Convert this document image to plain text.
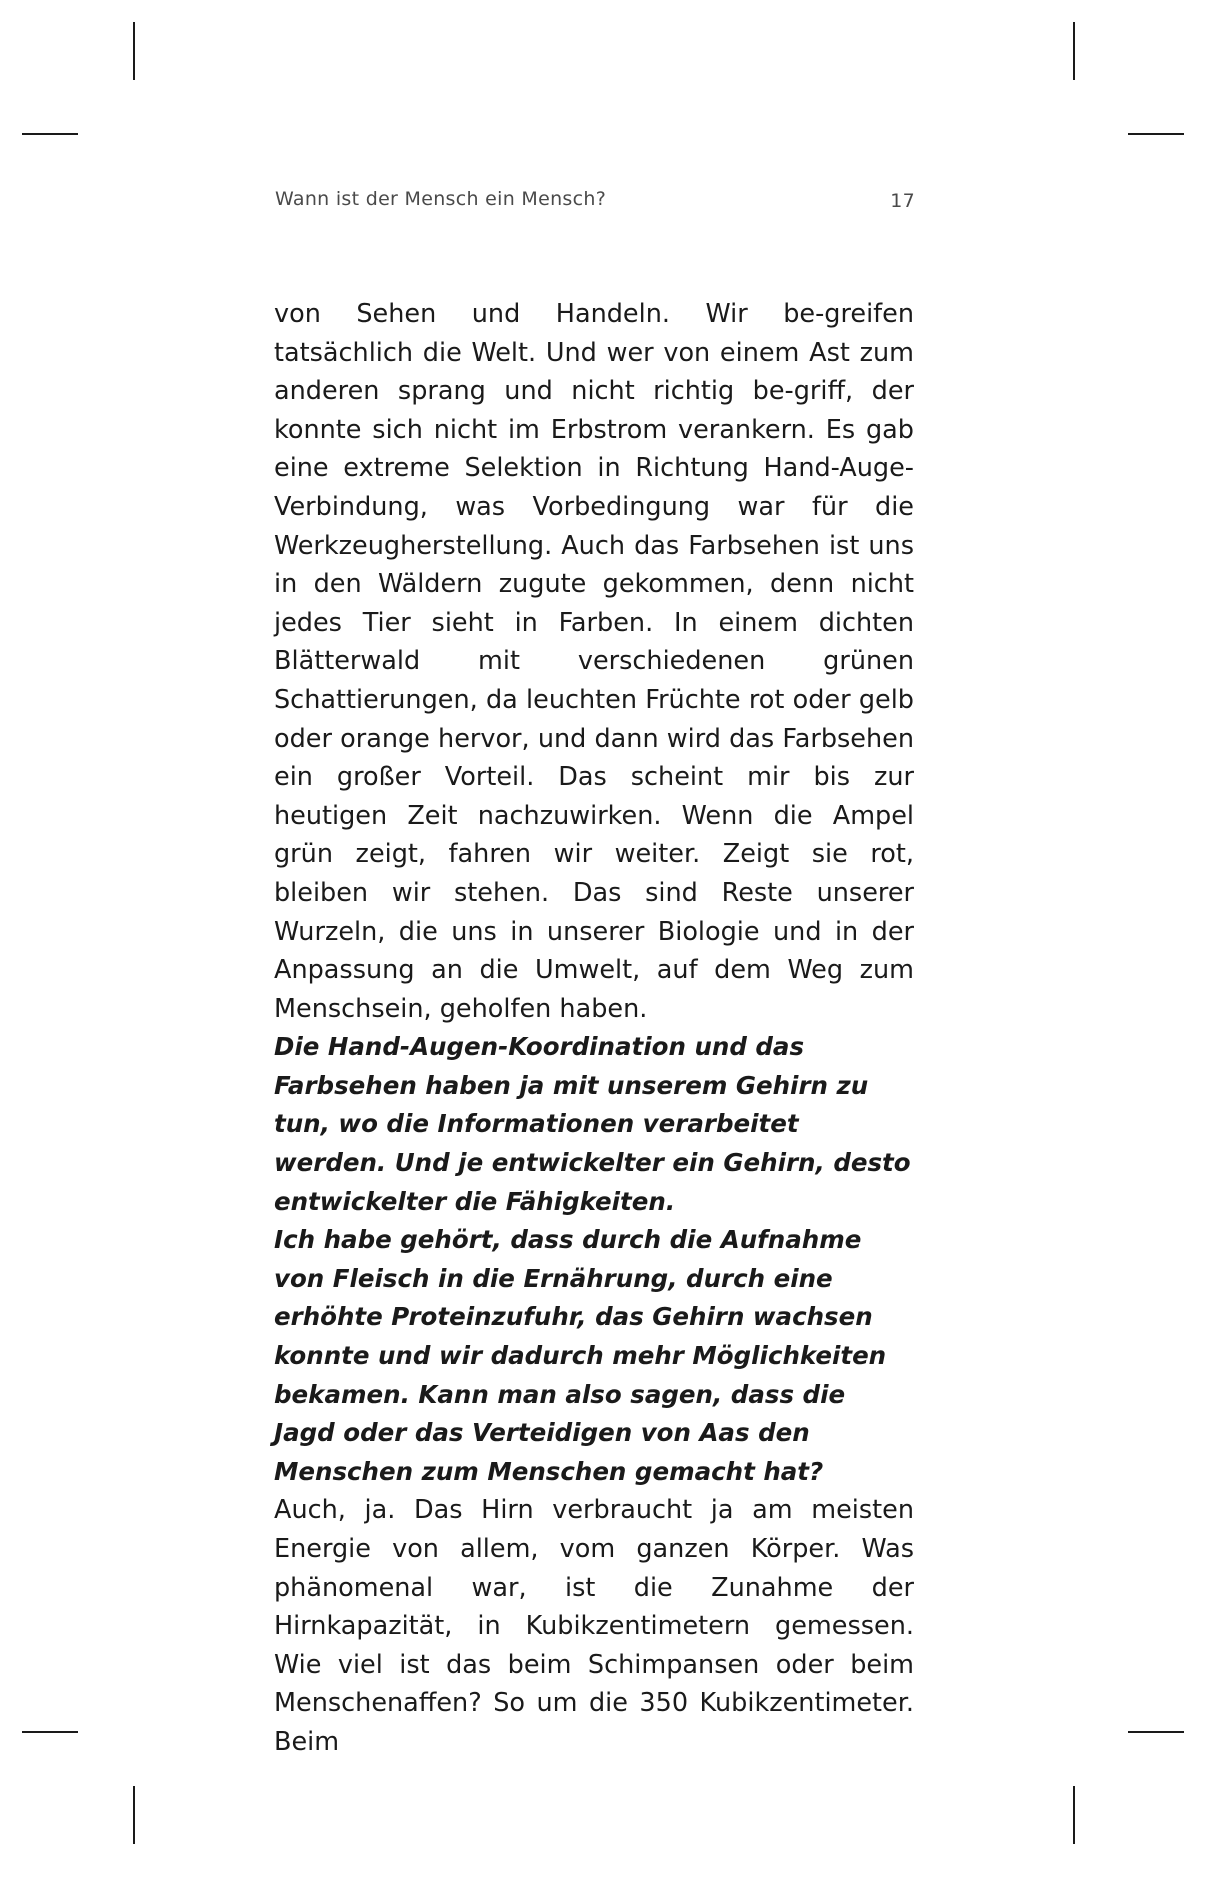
Wann ist der Mensch ein Mensch?	17

von Sehen und Handeln. Wir be-greifen tatsächlich die Welt. Und wer von einem Ast zum anderen sprang und nicht richtig be-griff, der konnte sich nicht im Erbstrom verankern. Es gab eine extreme Selektion in Richtung Hand-Auge-Verbindung, was Vorbedingung war für die Werkzeugherstellung. Auch das Farbsehen ist uns in den Wäldern zugute gekommen, denn nicht jedes Tier sieht in Farben. In einem dichten Blätterwald mit verschiedenen grünen Schattierungen, da leuchten Früchte rot oder gelb oder orange hervor, und dann wird das Farbsehen ein großer Vorteil. Das scheint mir bis zur heutigen Zeit nachzuwirken. Wenn die Ampel grün zeigt, fahren wir weiter. Zeigt sie rot, bleiben wir stehen. Das sind Reste unserer Wurzeln, die uns in unserer Biologie und in der Anpassung an die Umwelt, auf dem Weg zum Menschsein, geholfen haben.

Die Hand-Augen-Koordination und das Farbsehen haben ja mit unserem Gehirn zu tun, wo die Informationen verarbeitet werden. Und je entwickelter ein Gehirn, desto entwickelter die Fähigkeiten.

Ich habe gehört, dass durch die Aufnahme von Fleisch in die Ernährung, durch eine erhöhte Proteinzufuhr, das Gehirn wachsen konnte und wir dadurch mehr Möglichkeiten bekamen. Kann man also sagen, dass die Jagd oder das Verteidigen von Aas den Menschen zum Menschen gemacht hat?

Auch, ja. Das Hirn verbraucht ja am meisten Energie von allem, vom ganzen Körper. Was phänomenal war, ist die Zunahme der Hirnkapazität, in Kubikzentimetern gemessen. Wie viel ist das beim Schimpansen oder beim Menschenaffen? So um die 350 Kubikzentimeter. Beim
